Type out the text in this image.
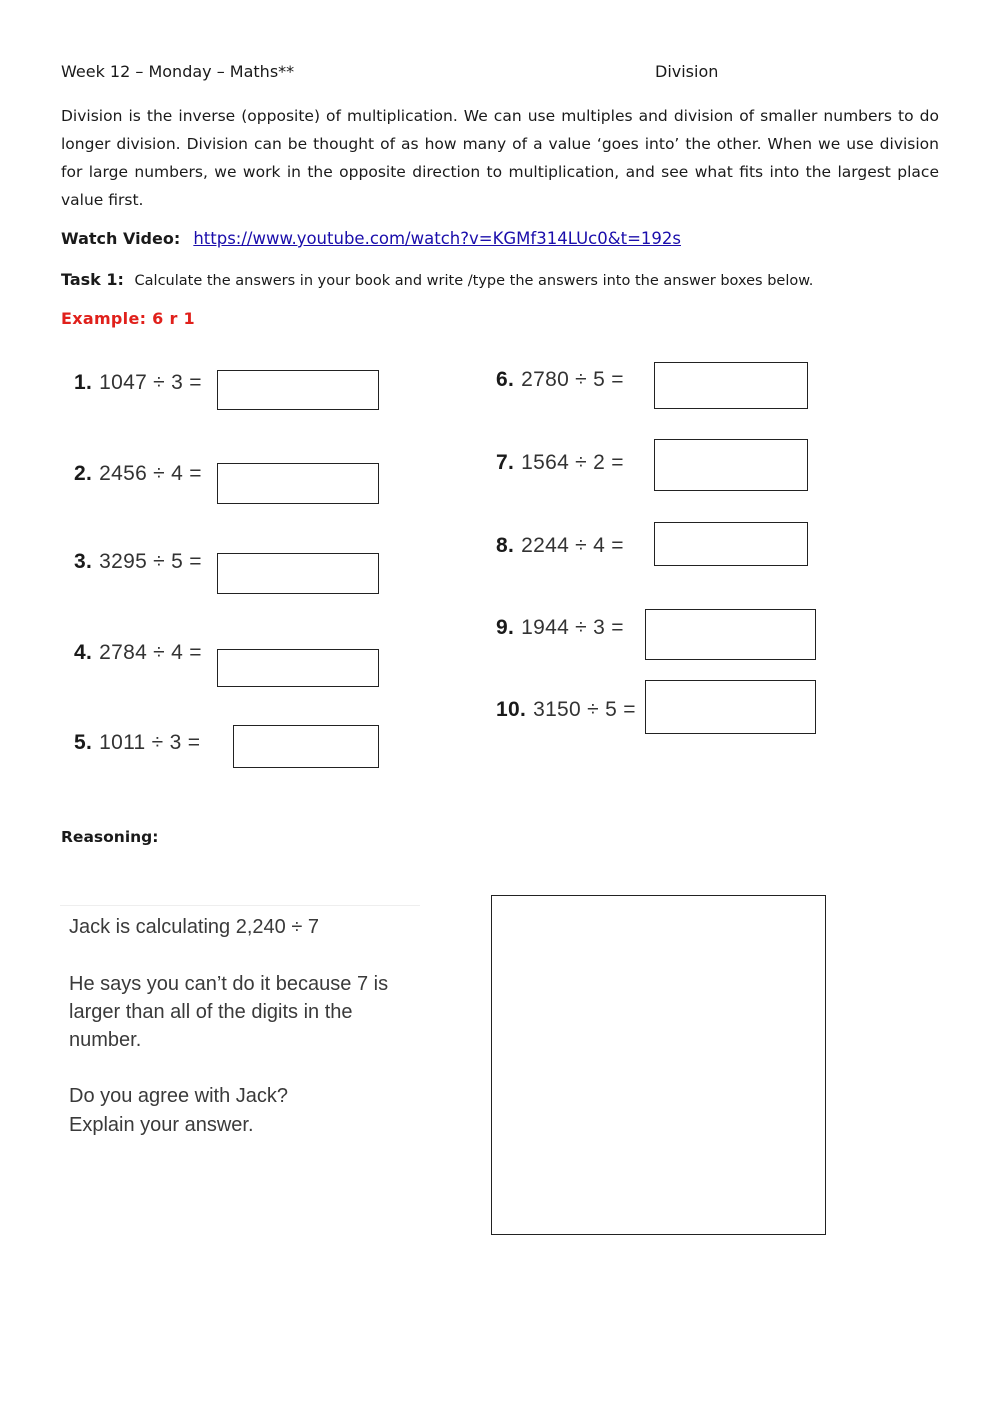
Week 12 – Monday – Maths**	Division
Division is the inverse (opposite) of multiplication. We can use multiples and division of smaller numbers to do longer division. Division can be thought of as how many of a value ‘goes into’ the other. When we use division for large numbers, we work in the opposite direction to multiplication, and see what fits into the largest place value first.
Watch Video: https://www.youtube.com/watch?v=KGMf314LUc0&t=192s
Task 1: Calculate the answers in your book and write /type the answers into the answer boxes below.
Example: 6 r 1
1. 1047 ÷ 3 =
2. 2456 ÷ 4 =
3. 3295 ÷ 5 =
4. 2784 ÷ 4 =
5. 1011 ÷ 3 =
6. 2780 ÷ 5 =
7. 1564 ÷ 2 =
8. 2244 ÷ 4 =
9. 1944 ÷ 3 =
10. 3150 ÷ 5 =
Reasoning:
Jack is calculating 2,240 ÷ 7
He says you can’t do it because 7 is
larger than all of the digits in the
number.
Do you agree with Jack?
Explain your answer.
